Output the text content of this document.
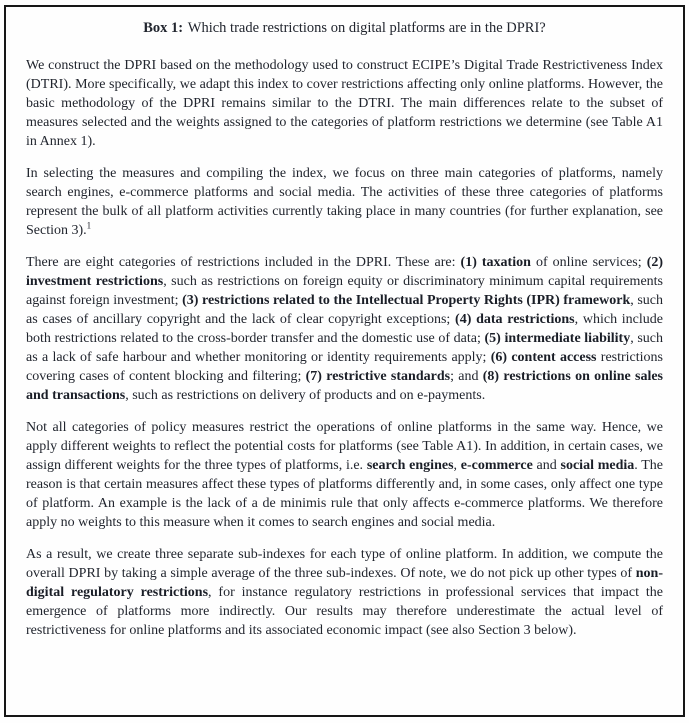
Box 1: Which trade restrictions on digital platforms are in the DPRI?

We construct the DPRI based on the methodology used to construct ECIPE’s Digital Trade Restrictiveness Index (DTRI). More specifically, we adapt this index to cover restrictions affecting only online platforms. However, the basic methodology of the DPRI remains similar to the DTRI. The main differences relate to the subset of measures selected and the weights assigned to the categories of platform restrictions we determine (see Table A1 in Annex 1).

In selecting the measures and compiling the index, we focus on three main categories of platforms, namely search engines, e-commerce platforms and social media. The activities of these three categories of platforms represent the bulk of all platform activities currently taking place in many countries (for further explanation, see Section 3).$^1$

There are eight categories of restrictions included in the DPRI. These are: (1) taxation of online services; (2) investment restrictions, such as restrictions on foreign equity or discriminatory minimum capital requirements against foreign investment; (3) restrictions related to the Intellectual Property Rights (IPR) framework, such as cases of ancillary copyright and the lack of clear copyright exceptions; (4) data restrictions, which include both restrictions related to the cross-border transfer and the domestic use of data; (5) intermediate liability, such as a lack of safe harbour and whether monitoring or identity requirements apply; (6) content access restrictions covering cases of content blocking and filtering; (7) restrictive standards; and (8) restrictions on online sales and transactions, such as restrictions on delivery of products and on e-payments.

Not all categories of policy measures restrict the operations of online platforms in the same way. Hence, we apply different weights to reflect the potential costs for platforms (see Table A1). In addition, in certain cases, we assign different weights for the three types of platforms, i.e. search engines, e-commerce and social media. The reason is that certain measures affect these types of platforms differently and, in some cases, only affect one type of platform. An example is the lack of a de minimis rule that only affects e-commerce platforms. We therefore apply no weights to this measure when it comes to search engines and social media.

As a result, we create three separate sub-indexes for each type of online platform. In addition, we compute the overall DPRI by taking a simple average of the three sub-indexes. Of note, we do not pick up other types of non-digital regulatory restrictions, for instance regulatory restrictions in professional services that impact the emergence of platforms more indirectly. Our results may therefore underestimate the actual level of restrictiveness for online platforms and its associated economic impact (see also Section 3 below).
